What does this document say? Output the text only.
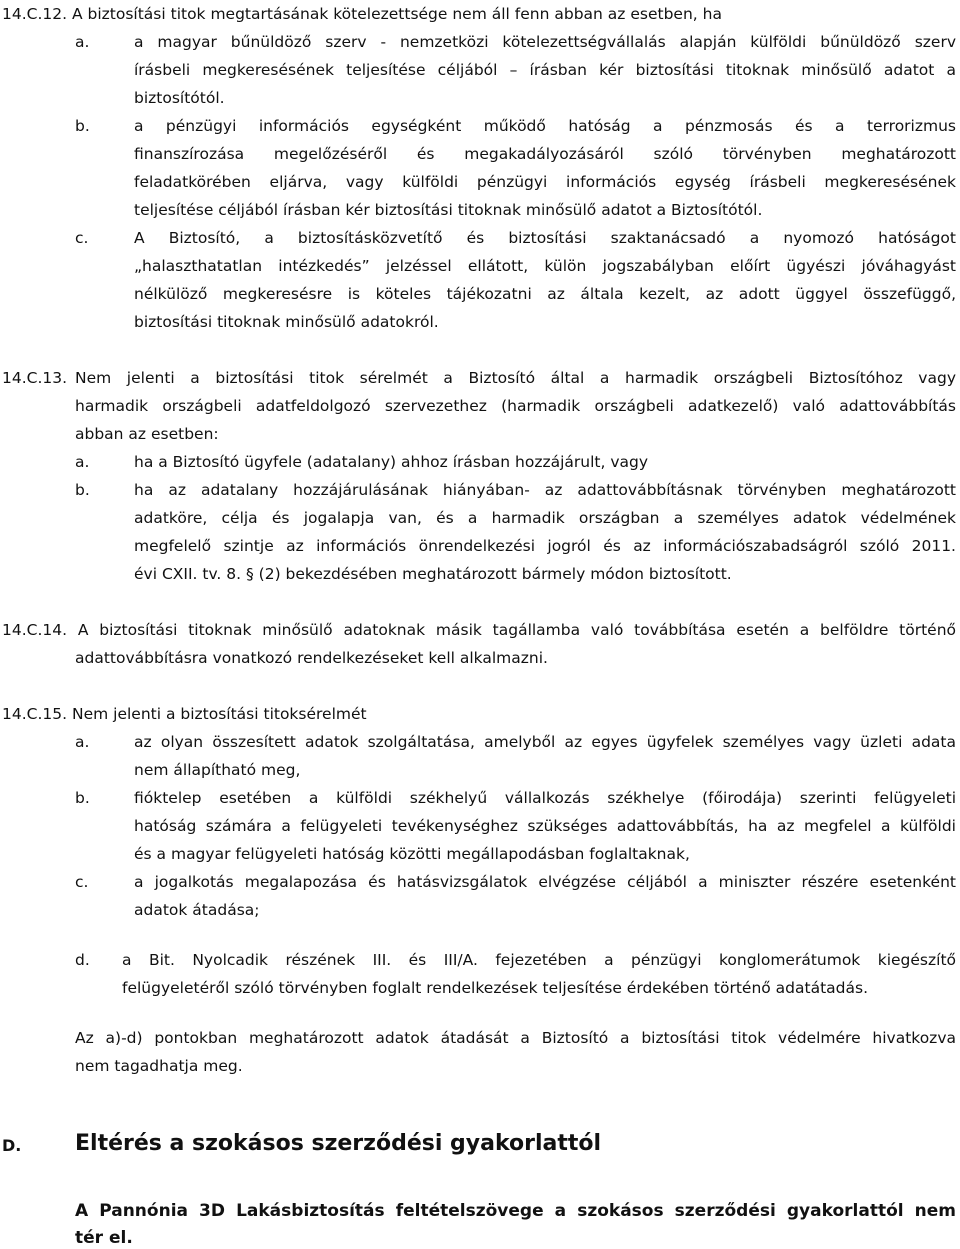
14.C.12. A biztosítási titok megtartásának kötelezettsége nem áll fenn abban az esetben, ha
a.	a magyar bűnüldöző szerv - nemzetközi kötelezettségvállalás alapján külföldi bűnüldöző szerv
írásbeli megkeresésének teljesítése céljából – írásban kér biztosítási titoknak minősülő adatot a
biztosítótól.
b.	a pénzügyi információs egységként működő hatóság a pénzmosás és a terrorizmus
finanszírozása megelőzéséről és megakadályozásáról szóló törvényben meghatározott
feladatkörében eljárva, vagy külföldi pénzügyi információs egység írásbeli megkeresésének
teljesítése céljából írásban kér biztosítási titoknak minősülő adatot a Biztosítótól.
c.	A Biztosító, a biztosításközvetítő és biztosítási szaktanácsadó a nyomozó hatóságot
„halaszthatatlan intézkedés” jelzéssel ellátott, külön jogszabályban előírt ügyészi jóváhagyást
nélkülöző megkeresésre is köteles tájékozatni az általa kezelt, az adott üggyel összefüggő,
biztosítási titoknak minősülő adatokról.
14.C.13. Nem jelenti a biztosítási titok sérelmét a Biztosító által a harmadik országbeli Biztosítóhoz vagy
harmadik országbeli adatfeldolgozó szervezethez (harmadik országbeli adatkezelő) való adattovábbítás
abban az esetben:
a.	ha a Biztosító ügyfele (adatalany) ahhoz írásban hozzájárult, vagy
b.	ha az adatalany hozzájárulásának hiányában- az adattovábbításnak törvényben meghatározott
adatköre, célja és jogalapja van, és a harmadik országban a személyes adatok védelmének
megfelelő szintje az információs önrendelkezési jogról és az információszabadságról szóló 2011.
évi CXII. tv. 8. § (2) bekezdésében meghatározott bármely módon biztosított.
14.C.14. A biztosítási titoknak minősülő adatoknak másik tagállamba való továbbítása esetén a belföldre történő
adattovábbításra vonatkozó rendelkezéseket kell alkalmazni.
14.C.15. Nem jelenti a biztosítási titoksérelmét
a.	az olyan összesített adatok szolgáltatása, amelyből az egyes ügyfelek személyes vagy üzleti adata
nem állapítható meg,
b.	fióktelep esetében a külföldi székhelyű vállalkozás székhelye (főirodája) szerinti felügyeleti
hatóság számára a felügyeleti tevékenységhez szükséges adattovábbítás, ha az megfelel a külföldi
és a magyar felügyeleti hatóság közötti megállapodásban foglaltaknak,
c.	a jogalkotás megalapozása és hatásvizsgálatok elvégzése céljából a miniszter részére esetenként
adatok átadása;
d. a Bit. Nyolcadik részének III. és III/A. fejezetében a pénzügyi konglomerátumok kiegészítő
felügyeletéről szóló törvényben foglalt rendelkezések teljesítése érdekében történő adatátadás.
Az a)-d) pontokban meghatározott adatok átadását a Biztosító a biztosítási titok védelmére hivatkozva
nem tagadhatja meg.
D. Eltérés a szokásos szerződési gyakorlattól
A Pannónia 3D Lakásbiztosítás feltételszövege a szokásos szerződési gyakorlattól nem
tér el.
